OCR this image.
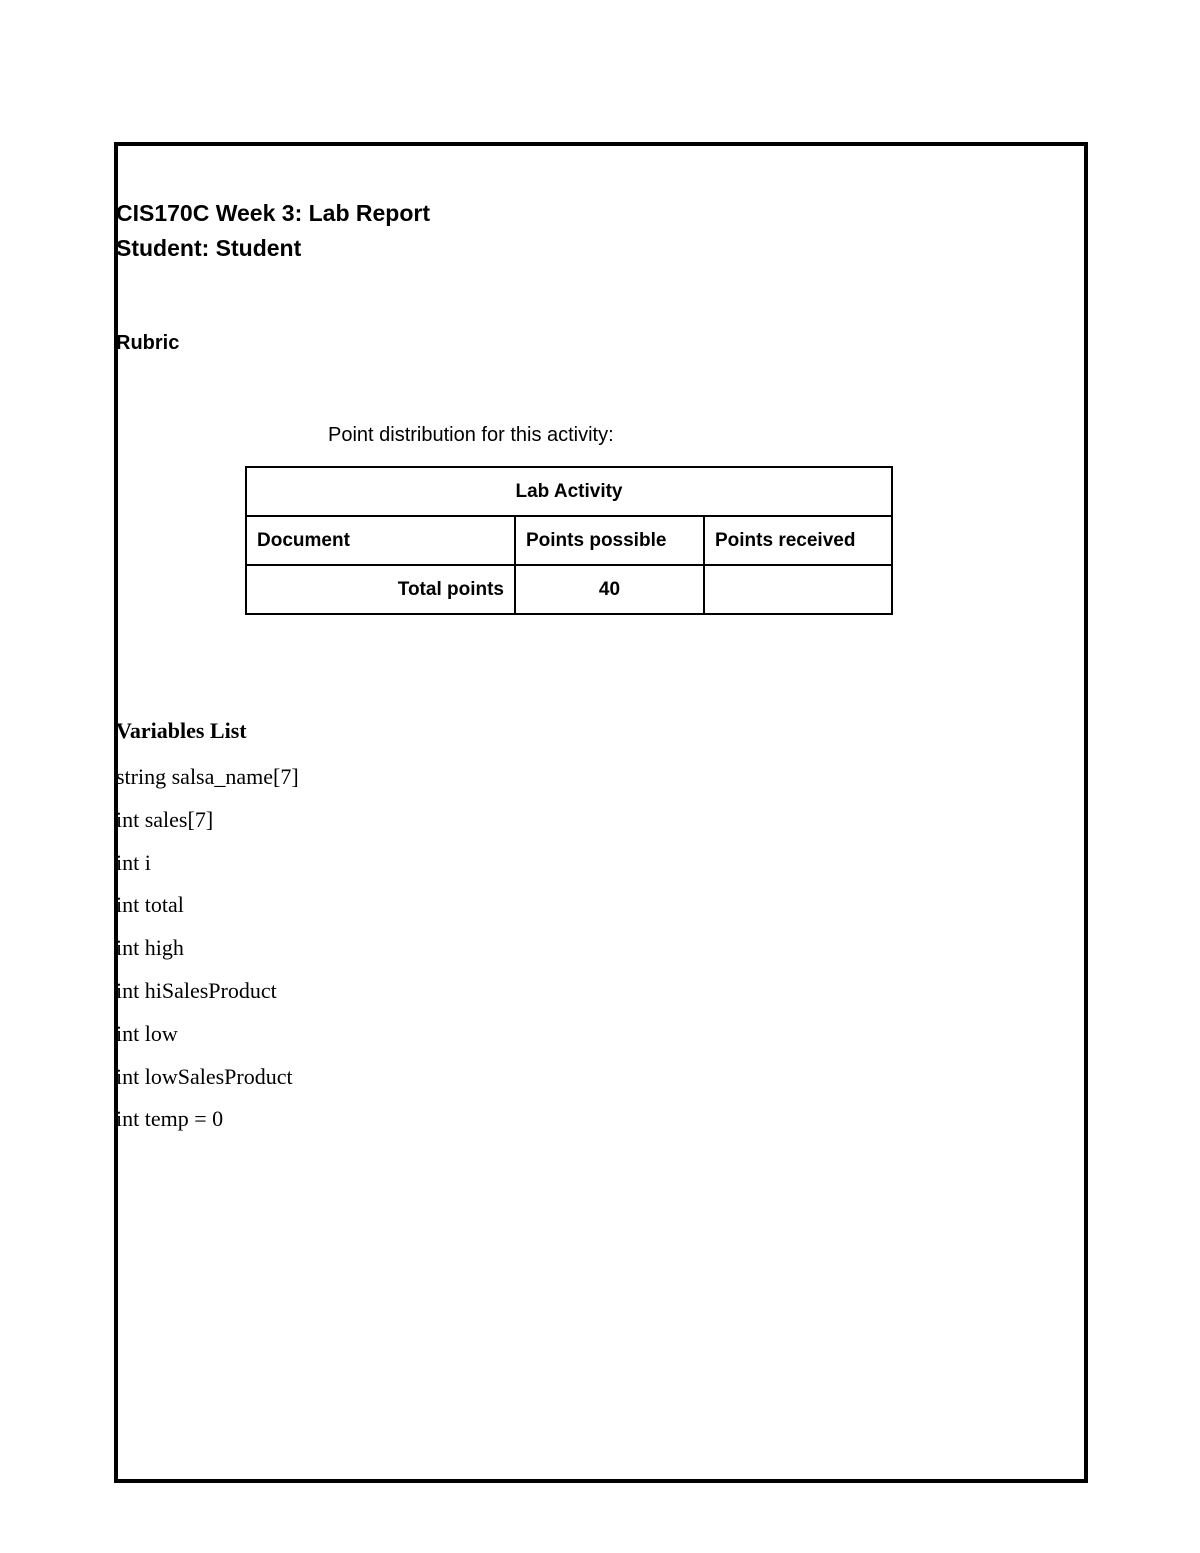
CIS170C Week 3: Lab Report
Student: Student
Rubric

Point distribution for this activity:

Lab Activity		
Document	Points possible	Points received
Total points	40	
Variables List
string salsa_name[7]
int sales[7]
int i
int total
int high
int hiSalesProduct
int low
int lowSalesProduct
int temp = 0
